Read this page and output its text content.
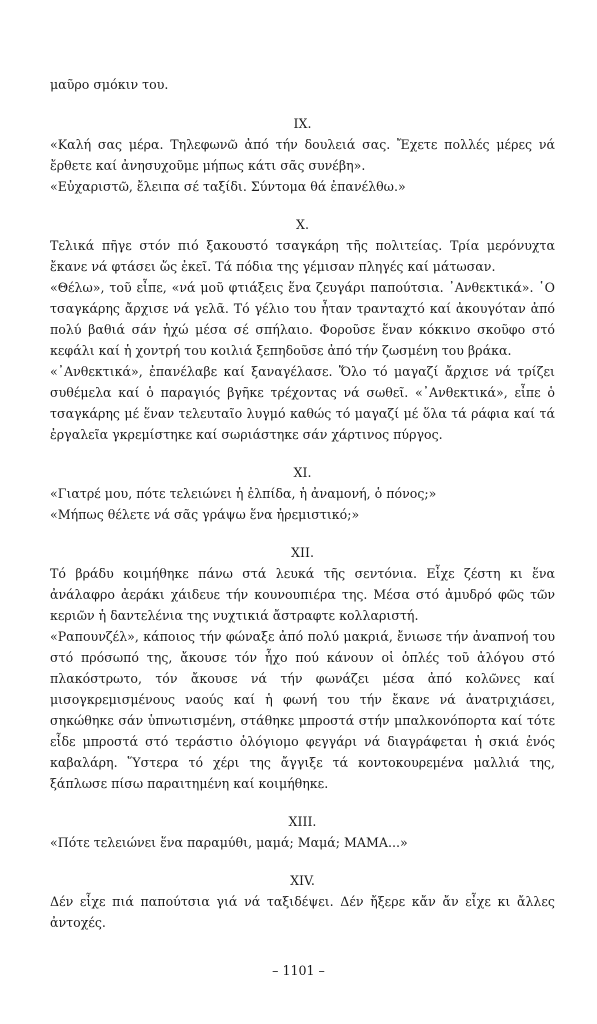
μαῦρο σμόκιν του.

IX.

«Καλή σας μέρα. Τηλεφωνῶ ἀπό τήν δουλειά σας. Ἔχετε πολλές μέρες νά ἔρθετε καί ἀνησυχοῦμε μήπως κάτι σᾶς συνέβη».

«Εὐχαριστῶ, ἔλειπα σέ ταξίδι. Σύντομα θά ἐπανέλθω.»

X.

Τελικά πῆγε στόν πιό ξακουστό τσαγκάρη τῆς πολιτείας. Τρία μερόνυχτα ἔκανε νά φτάσει ὥς ἐκεῖ. Τά πόδια της γέμισαν πληγές καί μάτωσαν.

«Θέλω», τοῦ εἶπε, «νά μοῦ φτιάξεις ἕνα ζευγάρι παπούτσια. ᾿Ανθεκτικά». ῾Ο τσαγκάρης ἄρχισε νά γελᾶ. Τό γέλιο του ἦταν τρανταχτό καί ἀκουγόταν ἀπό πολύ βαθιά σάν ἠχώ μέσα σέ σπήλαιο. Φοροῦσε ἕναν κόκκινο σκοῦφο στό κεφάλι καί ἡ χοντρή του κοιλιά ξεπηδοῦσε ἀπό τήν ζωσμένη του βράκα.

«᾿Ανθεκτικά», ἐπανέλαβε καί ξαναγέλασε. Ὅλο τό μαγαζί ἄρχισε νά τρίζει συθέμελα καί ὁ παραγιός βγῆκε τρέχοντας νά σωθεῖ. «᾿Ανθεκτικά», εἶπε ὁ τσαγκάρης μέ ἕναν τελευταῖο λυγμό καθώς τό μαγαζί μέ ὅλα τά ράφια καί τά ἐργαλεῖα γκρεμίστηκε καί σωριάστηκε σάν χάρτινος πύργος.

XI.

«Γιατρέ μου, πότε τελειώνει ἡ ἐλπίδα, ἡ ἀναμονή, ὁ πόνος;»

«Μήπως θέλετε νά σᾶς γράψω ἕνα ἠρεμιστικό;»

XII.

Τό βράδυ κοιμήθηκε πάνω στά λευκά τῆς σεντόνια. Εἶχε ζέστη κι ἕνα ἀνάλαφρο ἀεράκι χάιδευε τήν κουνουπιέρα της. Μέσα στό ἀμυδρό φῶς τῶν κεριῶν ἡ δαντελένια της νυχτικιά ἄστραφτε κολλαριστή.

«Ραπουνζέλ», κάποιος τήν φώναξε ἀπό πολύ μακριά, ἔνιωσε τήν ἀναπνοή του στό πρόσωπό της, ἄκουσε τόν ἦχο πού κάνουν οἱ ὁπλές τοῦ ἀλόγου στό πλακόστρωτο, τόν ἄκουσε νά τήν φωνάζει μέσα ἀπό κολῶνες καί μισογκρεμισμένους ναούς καί ἡ φωνή του τήν ἔκανε νά ἀνατριχιάσει, σηκώθηκε σάν ὑπνωτισμένη, στάθηκε μπροστά στήν μπαλκονόπορτα καί τότε εἶδε μπροστά στό τεράστιο ὁλόγιομο φεγγάρι νά διαγράφεται ἡ σκιά ἑνός καβαλάρη. Ὕστερα τό χέρι της ἄγγιξε τά κοντοκουρεμένα μαλλιά της, ξάπλωσε πίσω παραιτημένη καί κοιμήθηκε.

XIII.

«Πότε τελειώνει ἕνα παραμύθι, μαμά; Μαμά; ΜΑΜΑ...»

XIV.

Δέν εἶχε πιά παπούτσια γιά νά ταξιδέψει. Δέν ἤξερε κἄν ἄν εἶχε κι ἄλλες ἀντοχές.

– 1101 –
